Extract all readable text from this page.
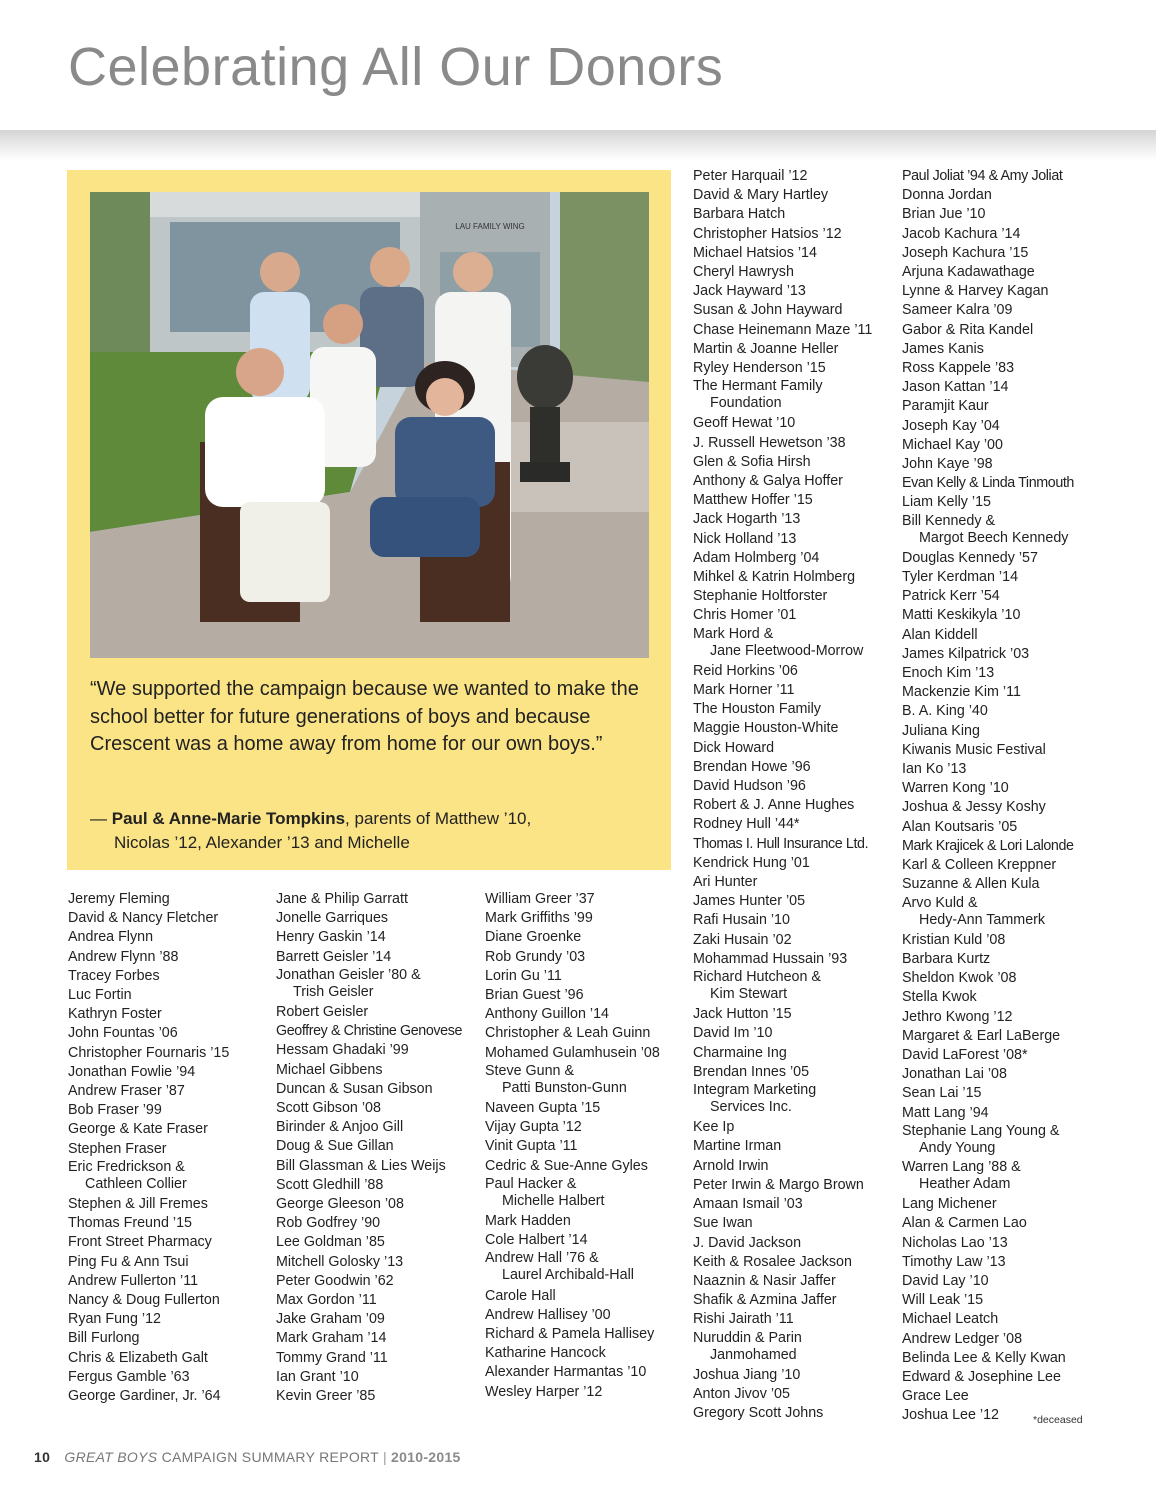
Celebrating All Our Donors
LAU FAMILY WING

“We supported the campaign because we wanted to make the school better for future generations of boys and because Crescent was a home away from home for our own boys.”

— Paul & Anne-Marie Tompkins, parents of Matthew ’10,
Nicolas ’12, Alexander ’13 and Michelle
Jeremy Fleming
David & Nancy Fletcher
Andrea Flynn
Andrew Flynn ’88
Tracey Forbes
Luc Fortin
Kathryn Foster
John Fountas ’06
Christopher Fournaris ’15
Jonathan Fowlie ’94
Andrew Fraser ’87
Bob Fraser ’99
George & Kate Fraser
Stephen Fraser
Eric Fredrickson &
Cathleen Collier
Stephen & Jill Fremes
Thomas Freund ’15
Front Street Pharmacy
Ping Fu & Ann Tsui
Andrew Fullerton ’11
Nancy & Doug Fullerton
Ryan Fung ’12
Bill Furlong
Chris & Elizabeth Galt
Fergus Gamble ’63
George Gardiner, Jr. ’64
Jane & Philip Garratt
Jonelle Garriques
Henry Gaskin ’14
Barrett Geisler ’14
Jonathan Geisler ’80 &
Trish Geisler
Robert Geisler
Geoffrey & Christine Genovese
Hessam Ghadaki ’99
Michael Gibbens
Duncan & Susan Gibson
Scott Gibson ’08
Birinder & Anjoo Gill
Doug & Sue Gillan
Bill Glassman & Lies Weijs
Scott Gledhill ’88
George Gleeson ’08
Rob Godfrey ’90
Lee Goldman ’85
Mitchell Golosky ’13
Peter Goodwin ’62
Max Gordon ’11
Jake Graham ’09
Mark Graham ’14
Tommy Grand ’11
Ian Grant ’10
Kevin Greer ’85
William Greer ’37
Mark Griffiths ’99
Diane Groenke
Rob Grundy ’03
Lorin Gu ’11
Brian Guest ’96
Anthony Guillon ’14
Christopher & Leah Guinn
Mohamed Gulamhusein ’08
Steve Gunn &
Patti Bunston-Gunn
Naveen Gupta ’15
Vijay Gupta ’12
Vinit Gupta ’11
Cedric & Sue-Anne Gyles
Paul Hacker &
Michelle Halbert
Mark Hadden
Cole Halbert ’14
Andrew Hall ’76 &
Laurel Archibald-Hall
Carole Hall
Andrew Hallisey ’00
Richard & Pamela Hallisey
Katharine Hancock
Alexander Harmantas ’10
Wesley Harper ’12
Peter Harquail ’12
David & Mary Hartley
Barbara Hatch
Christopher Hatsios ’12
Michael Hatsios ’14
Cheryl Hawrysh
Jack Hayward ’13
Susan & John Hayward
Chase Heinemann Maze ’11
Martin & Joanne Heller
Ryley Henderson ’15
The Hermant Family
Foundation
Geoff Hewat ’10
J. Russell Hewetson ’38
Glen & Sofia Hirsh
Anthony & Galya Hoffer
Matthew Hoffer ’15
Jack Hogarth ’13
Nick Holland ’13
Adam Holmberg ’04
Mihkel & Katrin Holmberg
Stephanie Holtforster
Chris Homer ’01
Mark Hord &
Jane Fleetwood-Morrow
Reid Horkins ’06
Mark Horner ’11
The Houston Family
Maggie Houston-White
Dick Howard
Brendan Howe ’96
David Hudson ’96
Robert & J. Anne Hughes
Rodney Hull ’44*
Thomas I. Hull Insurance Ltd.
Kendrick Hung ’01
Ari Hunter
James Hunter ’05
Rafi Husain ’10
Zaki Husain ’02
Mohammad Hussain ’93
Richard Hutcheon &
Kim Stewart
Jack Hutton ’15
David Im ’10
Charmaine Ing
Brendan Innes ’05
Integram Marketing
Services Inc.
Kee Ip
Martine Irman
Arnold Irwin
Peter Irwin & Margo Brown
Amaan Ismail ’03
Sue Iwan
J. David Jackson
Keith & Rosalee Jackson
Naaznin & Nasir Jaffer
Shafik & Azmina Jaffer
Rishi Jairath ’11
Nuruddin & Parin
Janmohamed
Joshua Jiang ’10
Anton Jivov ’05
Gregory Scott Johns
Paul Joliat ’94 & Amy Joliat
Donna Jordan
Brian Jue ’10
Jacob Kachura ’14
Joseph Kachura ’15
Arjuna Kadawathage
Lynne & Harvey Kagan
Sameer Kalra ’09
Gabor & Rita Kandel
James Kanis
Ross Kappele ’83
Jason Kattan ’14
Paramjit Kaur
Joseph Kay ’04
Michael Kay ’00
John Kaye ’98
Evan Kelly & Linda Tinmouth
Liam Kelly ’15
Bill Kennedy &
Margot Beech Kennedy
Douglas Kennedy ’57
Tyler Kerdman ’14
Patrick Kerr ’54
Matti Keskikyla ’10
Alan Kiddell
James Kilpatrick ’03
Enoch Kim ’13
Mackenzie Kim ’11
B. A. King ’40
Juliana King
Kiwanis Music Festival
Ian Ko ’13
Warren Kong ’10
Joshua & Jessy Koshy
Alan Koutsaris ’05
Mark Krajicek & Lori Lalonde
Karl & Colleen Kreppner
Suzanne & Allen Kula
Arvo Kuld &
Hedy-Ann Tammerk
Kristian Kuld ’08
Barbara Kurtz
Sheldon Kwok ’08
Stella Kwok
Jethro Kwong ’12
Margaret & Earl LaBerge
David LaForest ’08*
Jonathan Lai ’08
Sean Lai ’15
Matt Lang ’94
Stephanie Lang Young &
Andy Young
Warren Lang ’88 &
Heather Adam
Lang Michener
Alan & Carmen Lao
Nicholas Lao ’13
Timothy Law ’13
David Lay ’10
Will Leak ’15
Michael Leatch
Andrew Ledger ’08
Belinda Lee & Kelly Kwan
Edward & Josephine Lee
Grace Lee
Joshua Lee ’12	*deceased
10 GREAT BOYS CAMPAIGN SUMMARY REPORT | 2010-2015
